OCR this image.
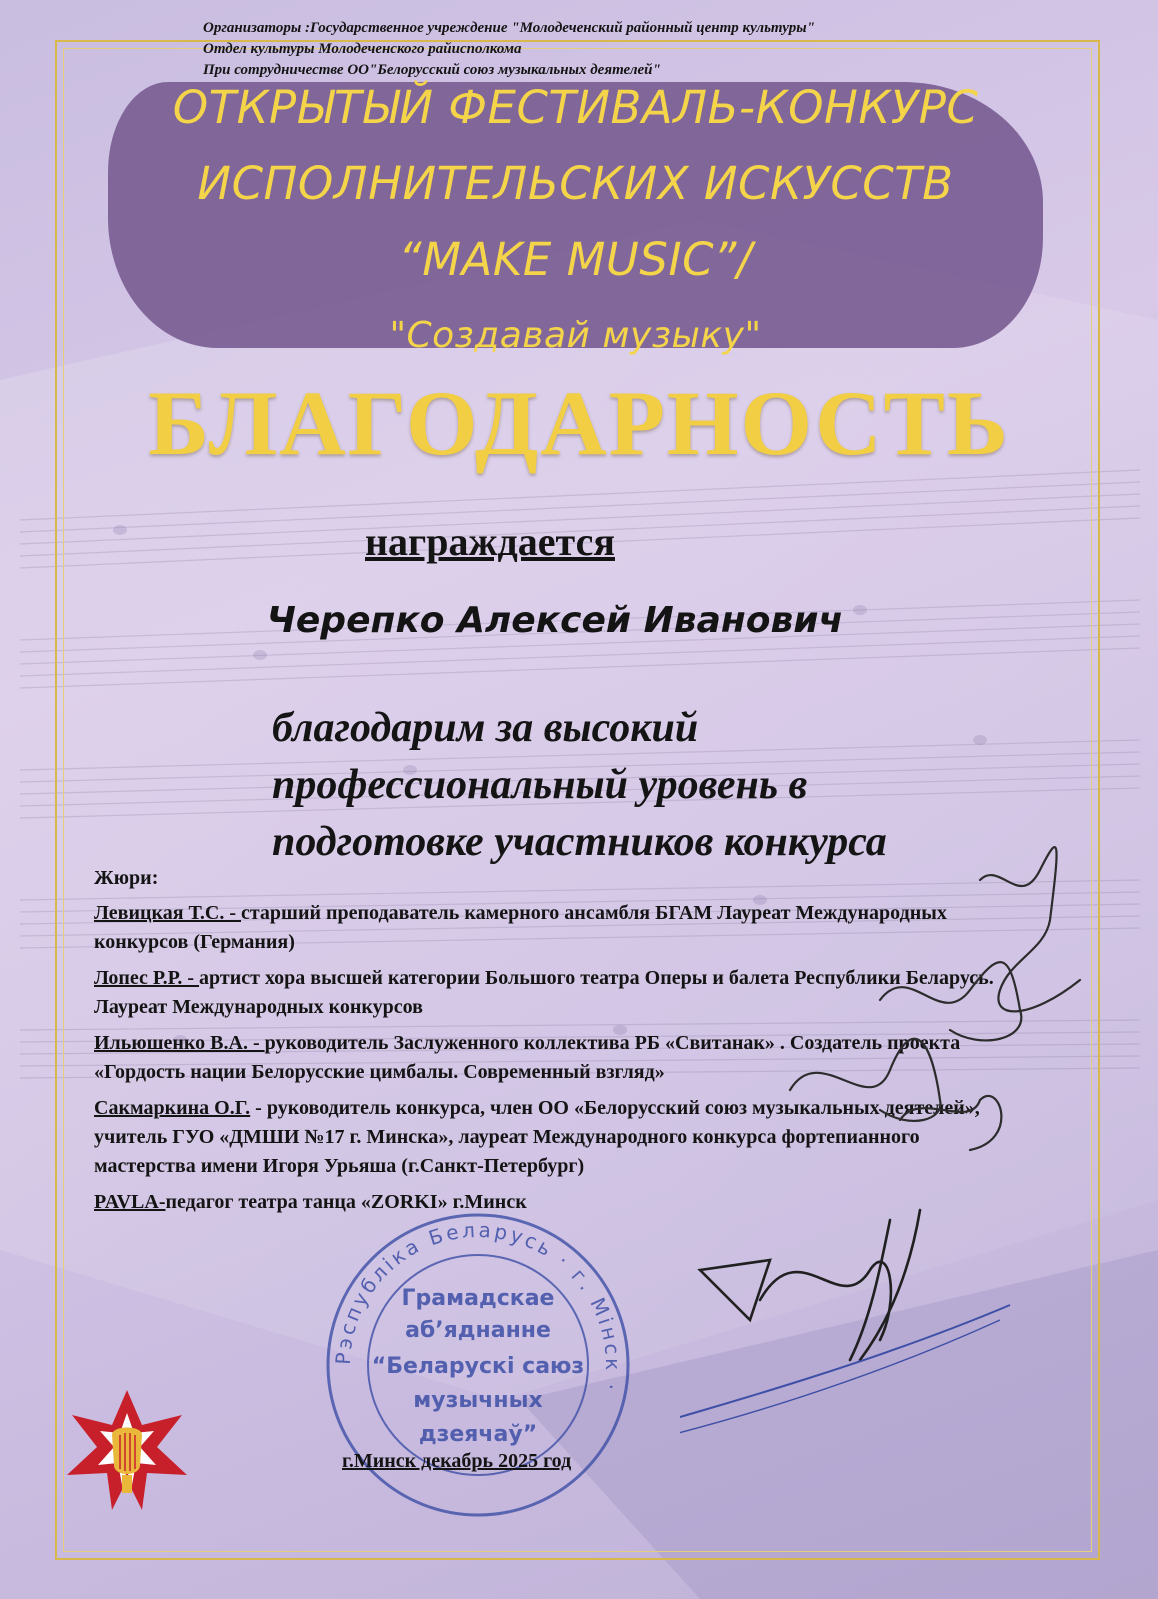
Организаторы :Государственное учреждение "Молодеченский районный центр культуры"
Отдел культуры Молодеченского райисполкома
При сотрудничестве ОО"Белорусский союз музыкальных деятелей"
ОТКРЫТЫЙ ФЕСТИВАЛЬ-КОНКУРС
ИСПОЛНИТЕЛЬСКИХ ИСКУССТВ
“MAKE MUSIC”/
"Создавай музыку"
БЛАГОДАРНОСТЬ
награждается
Черепко Алексей Иванович
благодарим за высокий
профессиональный уровень в
подготовке участников конкурса
Жюри:
Левицкая Т.С. - старший преподаватель камерного ансамбля БГАМ Лауреат Международных конкурсов (Германия)
Лопес Р.Р. - артист хора высшей категории Большого театра Оперы и балета Республики Беларусь. Лауреат Международных конкурсов
Ильюшенко В.А. - руководитель Заслуженного коллектива РБ «Свитанак» . Создатель проекта «Гордость нации Белорусские цимбалы. Современный взгляд»
Сакмаркина О.Г. - руководитель конкурса, член ОО «Белорусский союз музыкальных деятелей», учитель ГУО «ДМШИ №17 г. Минска», лауреат Международного конкурса фортепианного мастерства имени Игоря Урьяша (г.Санкт-Петербург)
PAVLA-педагог театра танца «ZORKI» г.Минск
Рэспубліка Беларусь · г. Мінск ·
Грамадскае
аб’яднанне
“Беларускі саюз
музычных
дзеячаў”
г.Минск декабрь 2025 год
